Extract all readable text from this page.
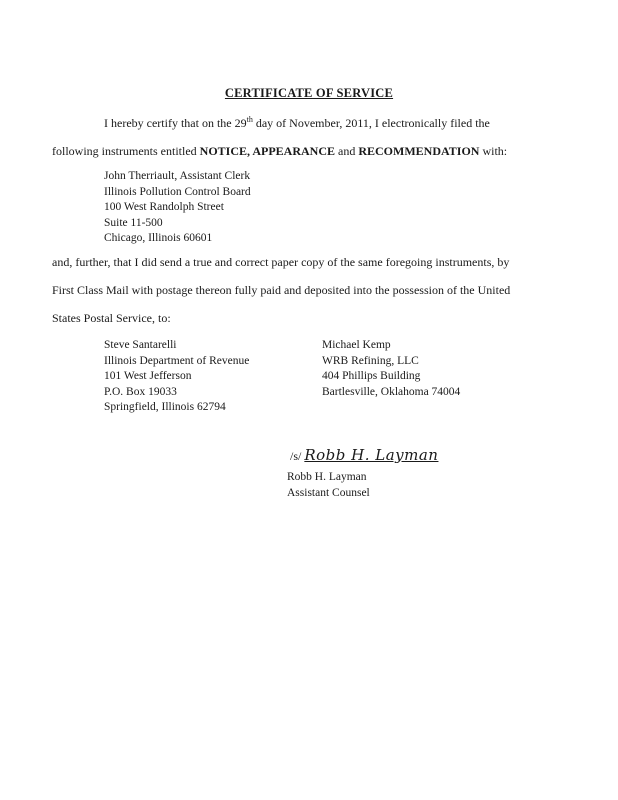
CERTIFICATE OF SERVICE
I hereby certify that on the 29th day of November, 2011, I electronically filed the
following instruments entitled NOTICE, APPEARANCE and RECOMMENDATION with:
John Therriault, Assistant Clerk
Illinois Pollution Control Board
100 West Randolph Street
Suite 11-500
Chicago, Illinois 60601
and, further, that I did send a true and correct paper copy of the same foregoing instruments, by
First Class Mail with postage thereon fully paid and deposited into the possession of the United
States Postal Service, to:
Steve Santarelli
Illinois Department of Revenue
101 West Jefferson
P.O. Box 19033
Springfield, Illinois 62794
Michael Kemp
WRB Refining, LLC
404 Phillips Building
Bartlesville, Oklahoma 74004
/s/ Robb H. Layman
Robb H. Layman
Assistant Counsel
